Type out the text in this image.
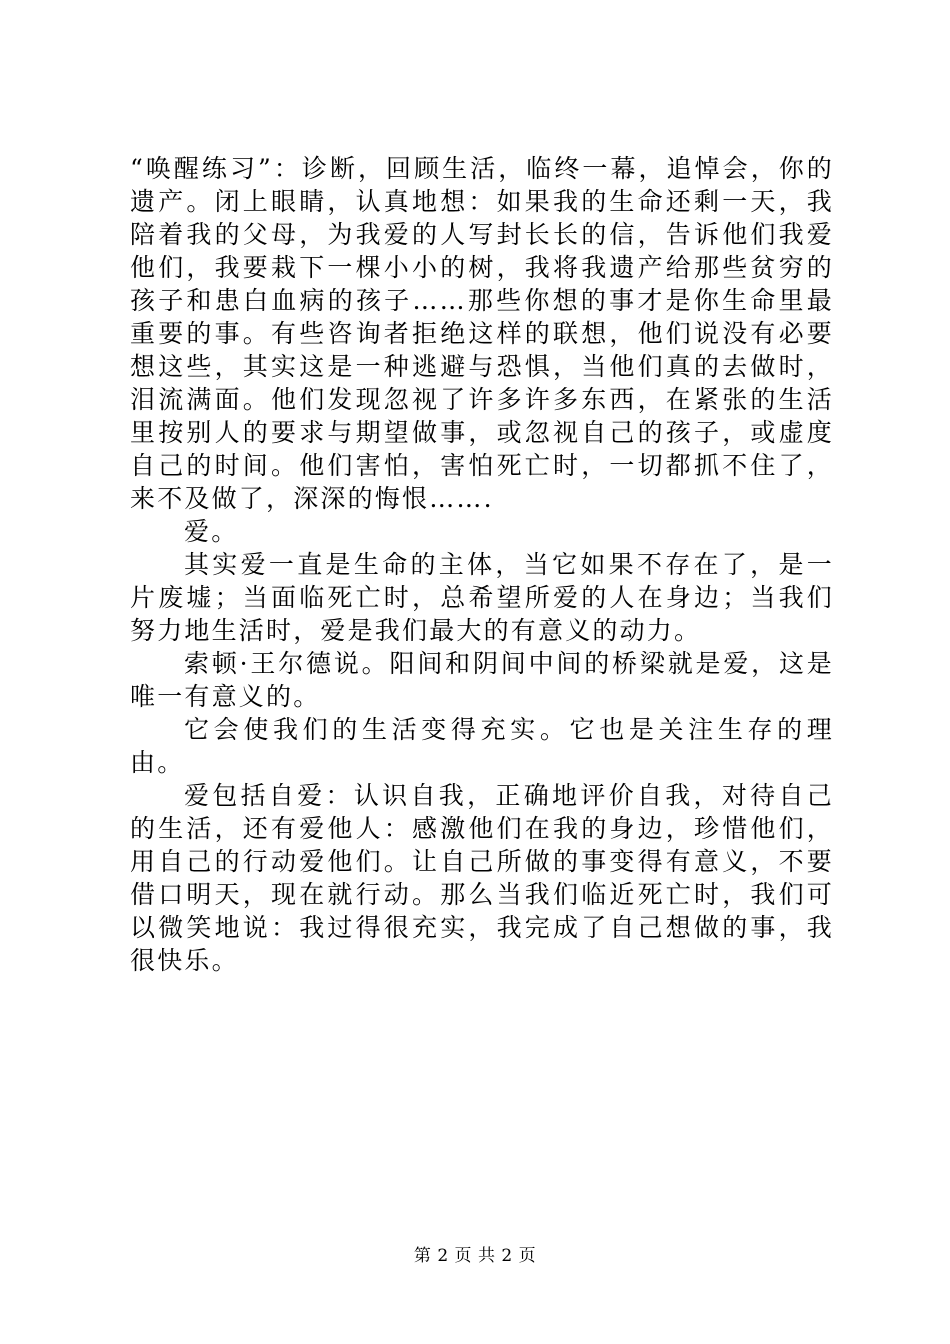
“唤醒练习”：诊断，回顾生活，临终一幕，追悼会，你的遗产。闭上眼睛，认真地想：如果我的生命还剩一天，我陪着我的父母，为我爱的人写封长长的信，告诉他们我爱他们，我要栽下一棵小小的树，我将我遗产给那些贫穷的孩子和患白血病的孩子……那些你想的事才是你生命里最重要的事。有些咨询者拒绝这样的联想，他们说没有必要想这些，其实这是一种逃避与恐惧，当他们真的去做时，泪流满面。他们发现忽视了许多许多东西，在紧张的生活里按别人的要求与期望做事，或忽视自己的孩子，或虚度自己的时间。他们害怕，害怕死亡时，一切都抓不住了，来不及做了，深深的悔恨…….

爱。

其实爱一直是生命的主体，当它如果不存在了，是一片废墟；当面临死亡时，总希望所爱的人在身边；当我们努力地生活时，爱是我们最大的有意义的动力。

索顿·王尔德说。阳间和阴间中间的桥梁就是爱，这是唯一有意义的。

它会使我们的生活变得充实。它也是关注生存的理由。

爱包括自爱：认识自我，正确地评价自我，对待自己的生活，还有爱他人：感激他们在我的身边，珍惜他们，用自己的行动爱他们。让自己所做的事变得有意义，不要借口明天，现在就行动。那么当我们临近死亡时，我们可以微笑地说：我过得很充实，我完成了自己想做的事，我很快乐。

第 2 页 共 2 页
